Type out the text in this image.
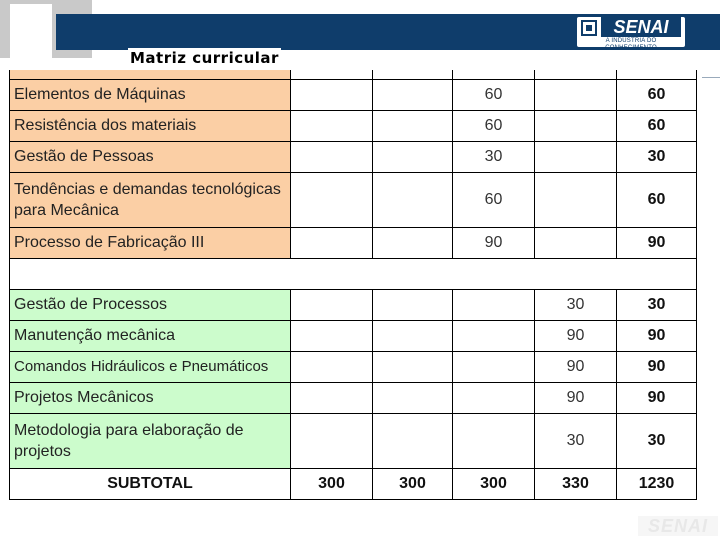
SENAI
A INDÚSTRIA DO CONHECIMENTO
Matriz curricular

Elementos de Máquinas			60		60
Resistência dos materiais			60		60
Gestão de Pessoas			30		30
Tendências e demandas tecnológicas para Mecânica			60		60
Processo de Fabricação III			90		90

Gestão de Processos				30	30
Manutenção mecânica				90	90
Comandos Hidráulicos e Pneumáticos				90	90
Projetos Mecânicos				90	90
Metodologia para elaboração de projetos				30	30
SUBTOTAL	300	300	300	330	1230
SENAI
